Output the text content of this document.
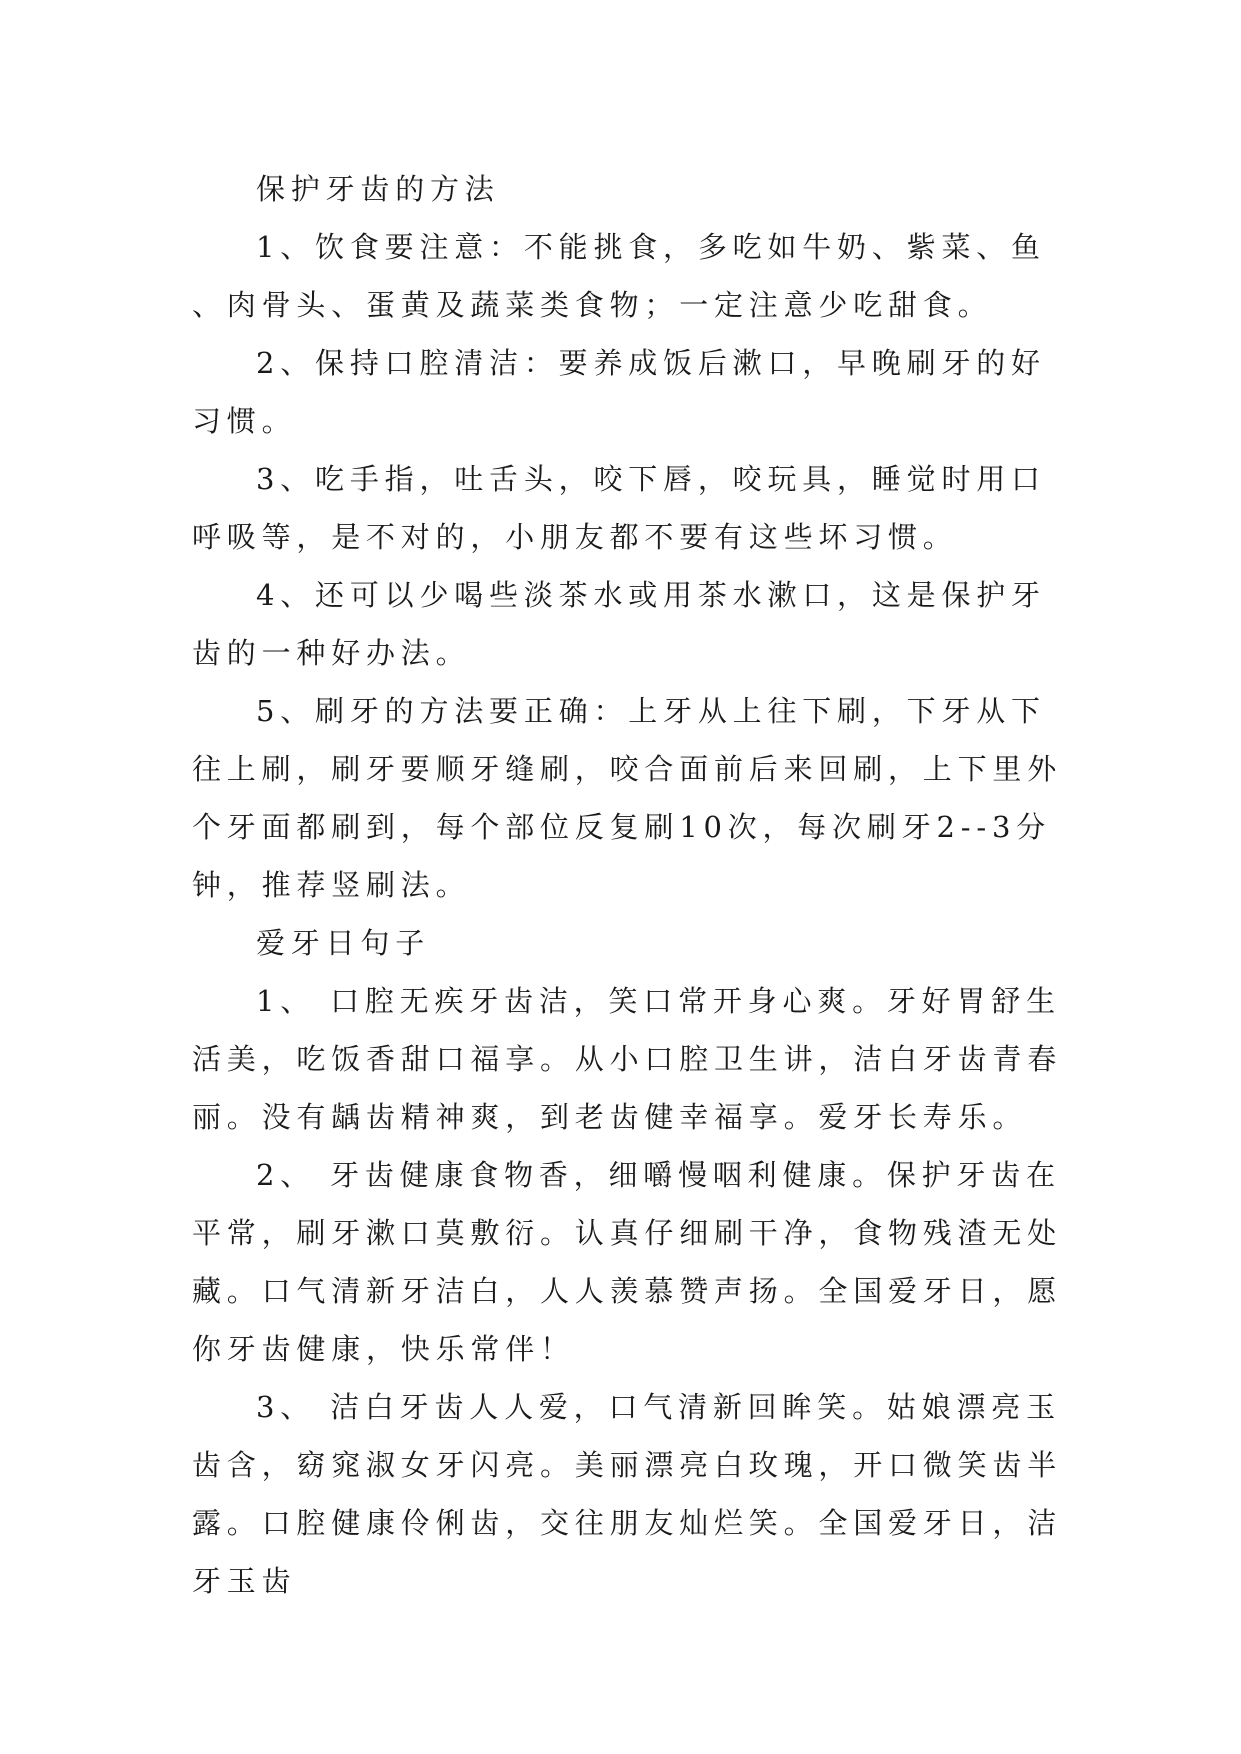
保护牙齿的方法

1、饮食要注意：不能挑食，多吃如牛奶、紫菜、鱼、肉骨头、蛋黄及蔬菜类食物；一定注意少吃甜食。

2、保持口腔清洁：要养成饭后漱口，早晚刷牙的好习惯。

3、吃手指，吐舌头，咬下唇，咬玩具，睡觉时用口呼吸等，是不对的，小朋友都不要有这些坏习惯。

4、还可以少喝些淡茶水或用茶水漱口，这是保护牙齿的一种好办法。

5、刷牙的方法要正确：上牙从上往下刷，下牙从下往上刷，刷牙要顺牙缝刷，咬合面前后来回刷，上下里外个牙面都刷到，每个部位反复刷10次，每次刷牙2--3分钟，推荐竖刷法。

爱牙日句子

1、 口腔无疾牙齿洁，笑口常开身心爽。牙好胃舒生活美，吃饭香甜口福享。从小口腔卫生讲，洁白牙齿青春丽。没有龋齿精神爽，到老齿健幸福享。爱牙长寿乐。

2、 牙齿健康食物香，细嚼慢咽利健康。保护牙齿在平常，刷牙漱口莫敷衍。认真仔细刷干净，食物残渣无处藏。口气清新牙洁白，人人羡慕赞声扬。全国爱牙日，愿你牙齿健康，快乐常伴！

3、 洁白牙齿人人爱，口气清新回眸笑。姑娘漂亮玉齿含，窈窕淑女牙闪亮。美丽漂亮白玫瑰，开口微笑齿半露。口腔健康伶俐齿，交往朋友灿烂笑。全国爱牙日，洁牙玉齿
